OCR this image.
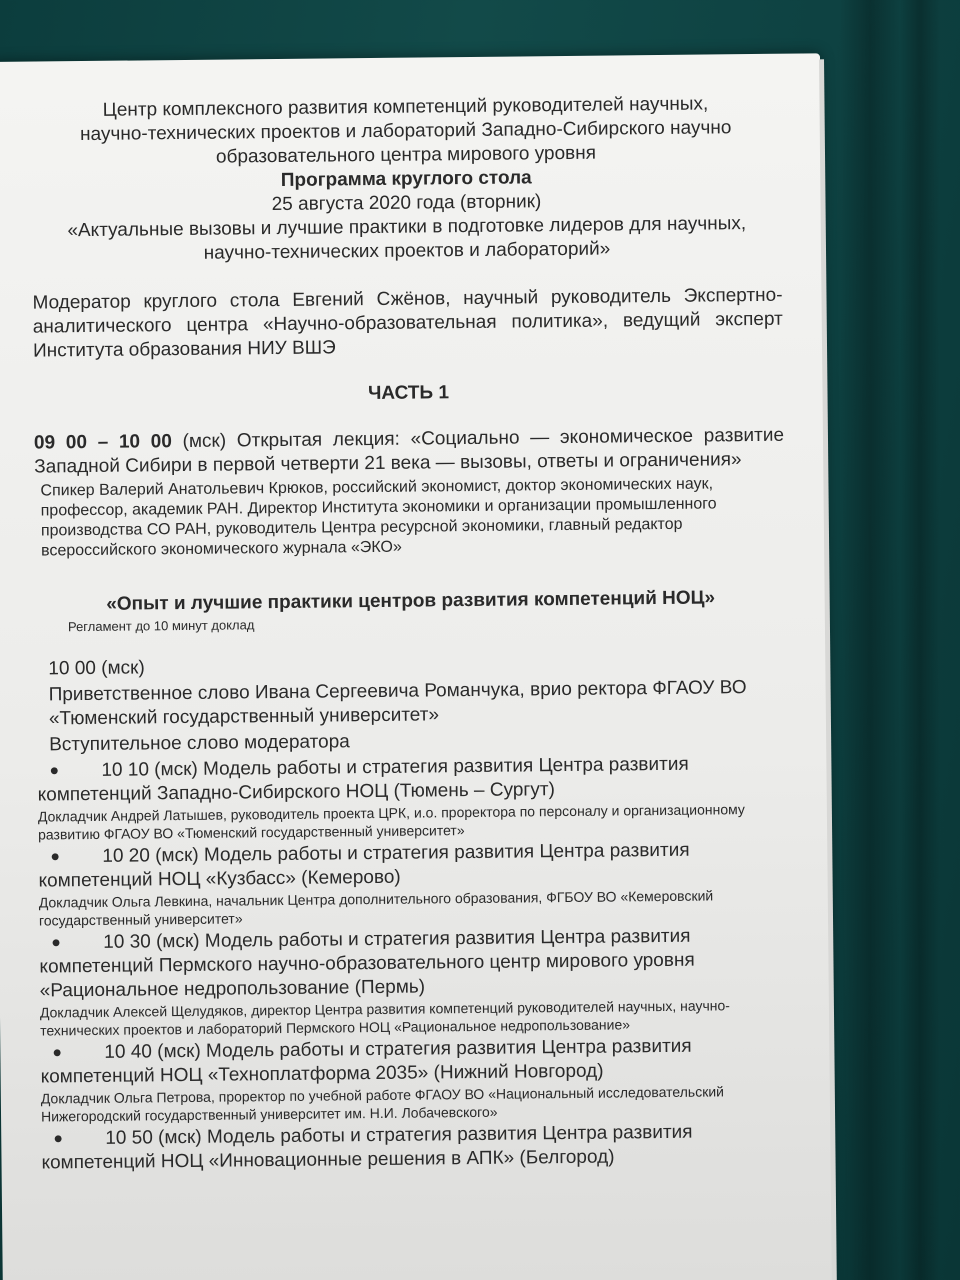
Центр комплексного развития компетенций руководителей научных,
научно-технических проектов и лабораторий Западно-Сибирского научно
образовательного центра мирового уровня
Программа круглого стола
25 августа 2020 года (вторник)
«Актуальные вызовы и лучшие практики в подготовке лидеров для научных,
научно-технических проектов и лабораторий»
Модератор круглого стола Евгений Сжёнов, научный руководитель Экспертно-аналитического центра «Научно-образовательная политика», ведущий эксперт Института образования НИУ ВШЭ
ЧАСТЬ 1
09 00 – 10 00 (мск) Открытая лекция: «Социально — экономическое развитие Западной Сибири в первой четверти 21 века — вызовы, ответы и ограничения»
Спикер Валерий Анатольевич Крюков, российский экономист, доктор экономических наук, профессор, академик РАН. Директор Института экономики и организации промышленного производства СО РАН, руководитель Центра ресурсной экономики, главный редактор всероссийского экономического журнала «ЭКО»
«Опыт и лучшие практики центров развития компетенций НОЦ»
Регламент до 10 минут доклад
10 00 (мск)
Приветственное слово Ивана Сергеевича Романчука, врио ректора ФГАОУ ВО «Тюменский государственный университет»
Вступительное слово модератора
●	10 10 (мск) Модель работы и стратегия развития Центра развития
компетенций Западно-Сибирского НОЦ (Тюмень – Сургут)
Докладчик Андрей Латышев, руководитель проекта ЦРК, и.о. проректора по персоналу и организационному развитию ФГАОУ ВО «Тюменский государственный университет»
●	10 20 (мск) Модель работы и стратегия развития Центра развития
компетенций НОЦ «Кузбасс» (Кемерово)
Докладчик Ольга Левкина, начальник Центра дополнительного образования, ФГБОУ ВО «Кемеровский государственный университет»
●	10 30 (мск) Модель работы и стратегия развития Центра развития
компетенций Пермского научно-образовательного центр мирового уровня «Рациональное недропользование (Пермь)
Докладчик Алексей Щелудяков, директор Центра развития компетенций руководителей научных, научно-технических проектов и лабораторий Пермского НОЦ «Рациональное недропользование»
●	10 40 (мск) Модель работы и стратегия развития Центра развития
компетенций НОЦ «Техноплатформа 2035» (Нижний Новгород)
Докладчик Ольга Петрова, проректор по учебной работе ФГАОУ ВО «Национальный исследовательский Нижегородский государственный университет им. Н.И. Лобачевского»
●	10 50 (мск) Модель работы и стратегия развития Центра развития
компетенций НОЦ «Инновационные решения в АПК» (Белгород)
